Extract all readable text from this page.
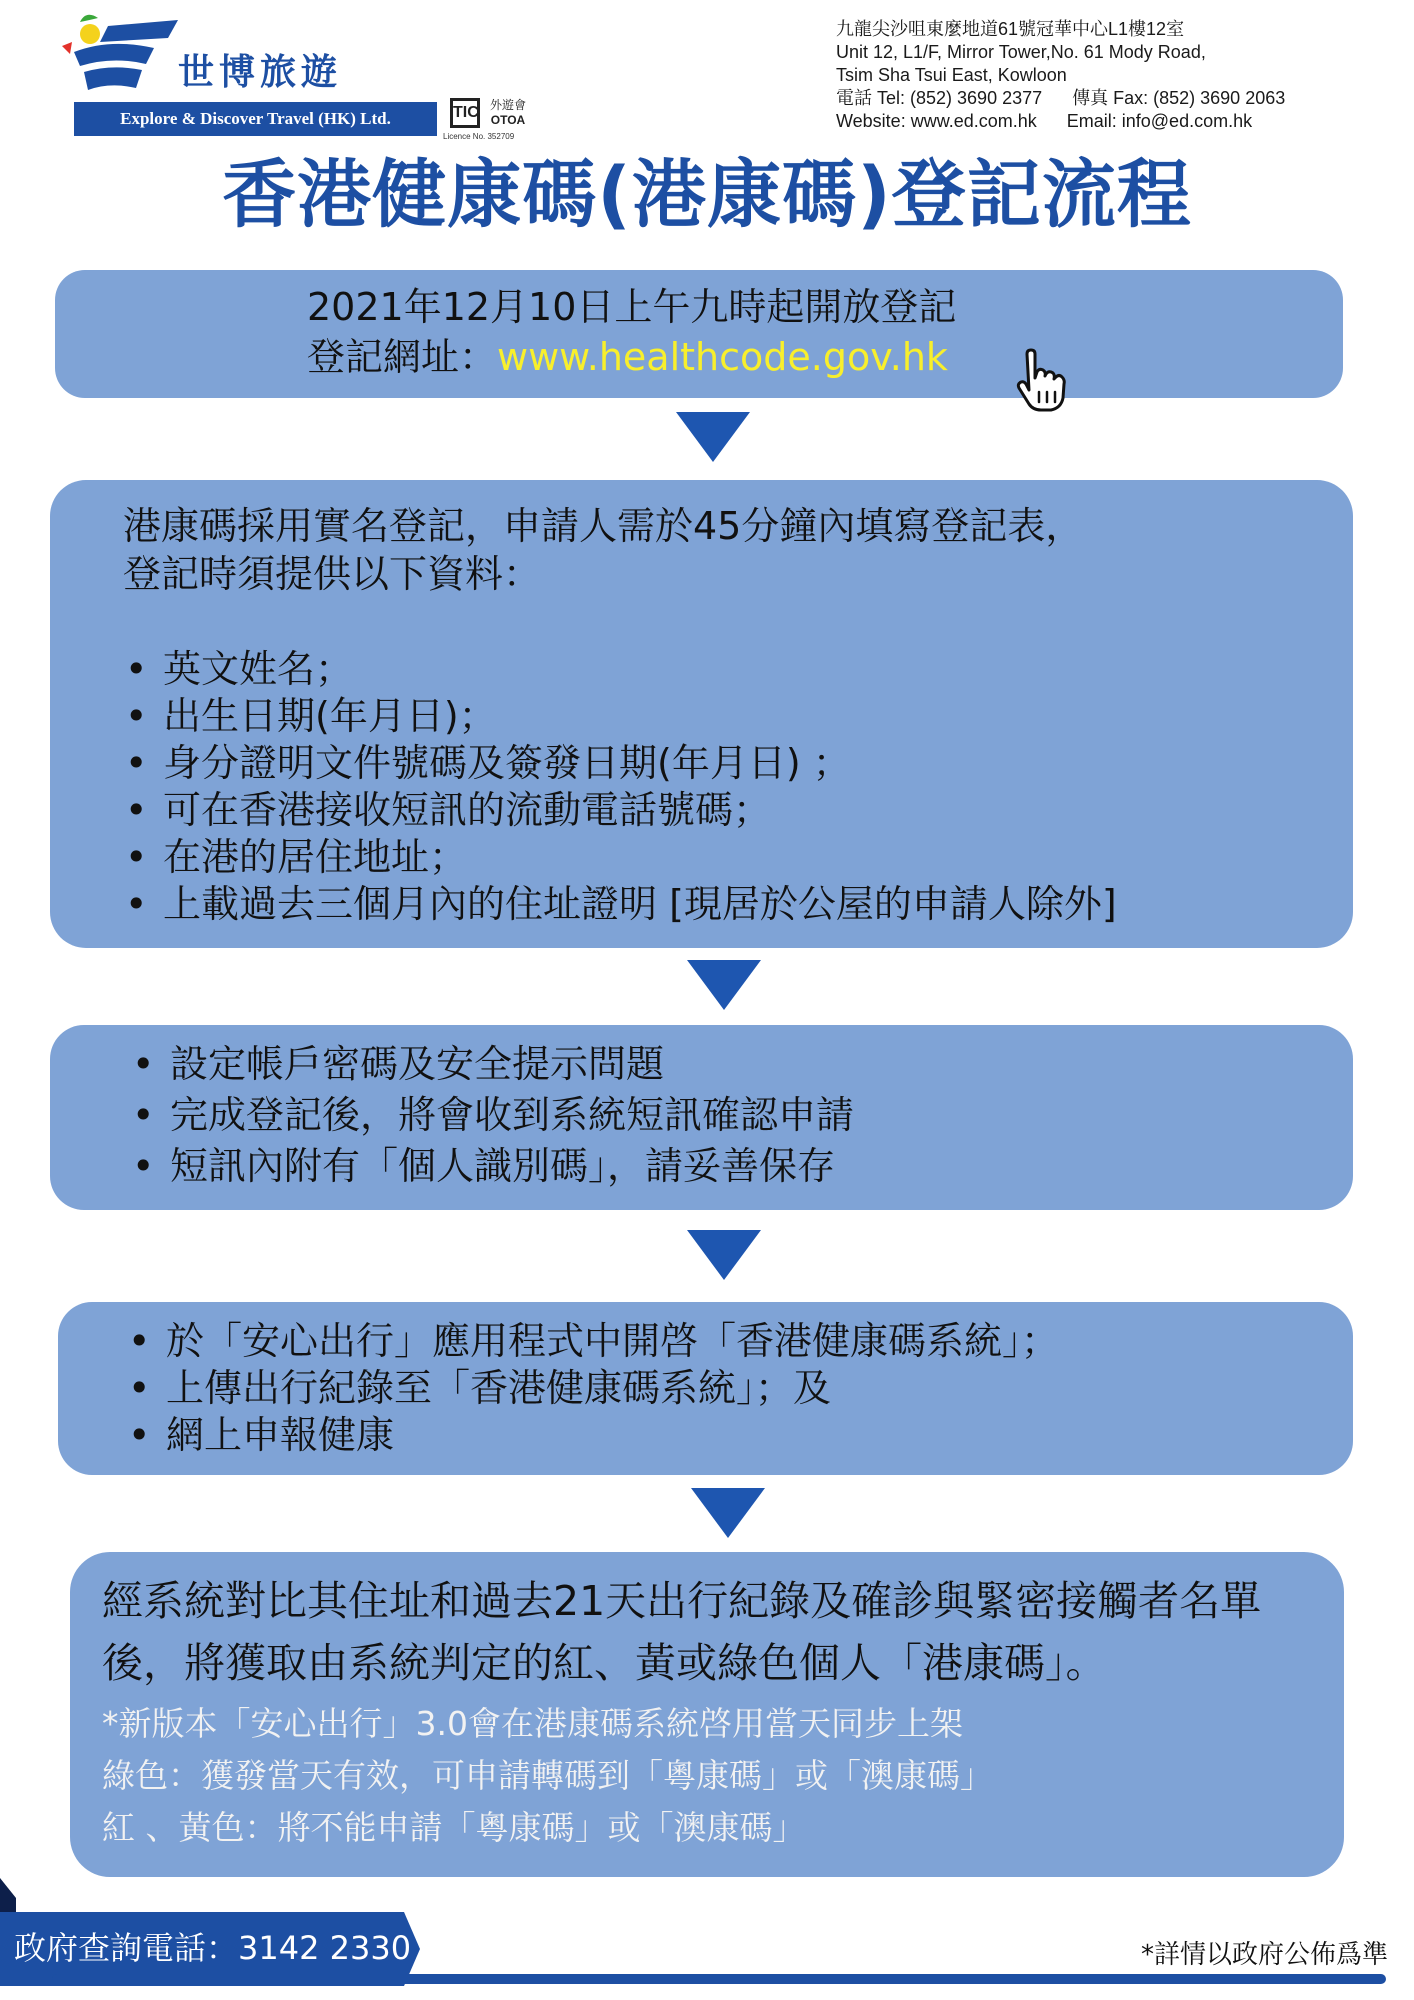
世博旅遊
Explore & Discover Travel (HK) Ltd.	TIC 外遊會
OTOA
Licence No. 352709
九龍尖沙咀東麼地道61號冠華中心L1樓12室
Unit 12, L1/F, Mirror Tower,No. 61 Mody Road,
Tsim Sha Tsui East, Kowloon
電話 Tel: (852) 3690 2377 傳真 Fax: (852) 3690 2063
Website: www.ed.com.hk Email: info@ed.com.hk
香港健康碼(港康碼)登記流程
2021年12月10日上午九時起開放登記
登記網址：www.healthcode.gov.hk
港康碼採用實名登記，申請人需於45分鐘內填寫登記表，
登記時須提供以下資料：
• 英文姓名；
• 出生日期(年月日)；
• 身分證明文件號碼及簽發日期(年月日) ；
• 可在香港接收短訊的流動電話號碼；
• 在港的居住地址；
• 上載過去三個月內的住址證明 [現居於公屋的申請人除外]
• 設定帳戶密碼及安全提示問題
• 完成登記後，將會收到系統短訊確認申請
• 短訊內附有「個人識別碼」，請妥善保存
• 於「安心出行」應用程式中開啓「香港健康碼系統」；
• 上傳出行紀錄至「香港健康碼系統」；及
• 網上申報健康
經系統對比其住址和過去21天出行紀錄及確診與緊密接觸者名單
後，將獲取由系統判定的紅、黃或綠色個人「港康碼」。
*新版本「安心出行」3.0會在港康碼系統啓用當天同步上架
綠色：獲發當天有效，可申請轉碼到「粵康碼」或「澳康碼」
紅 、黃色：將不能申請「粵康碼」或「澳康碼」
政府查詢電話：3142 2330	*詳情以政府公佈爲準
